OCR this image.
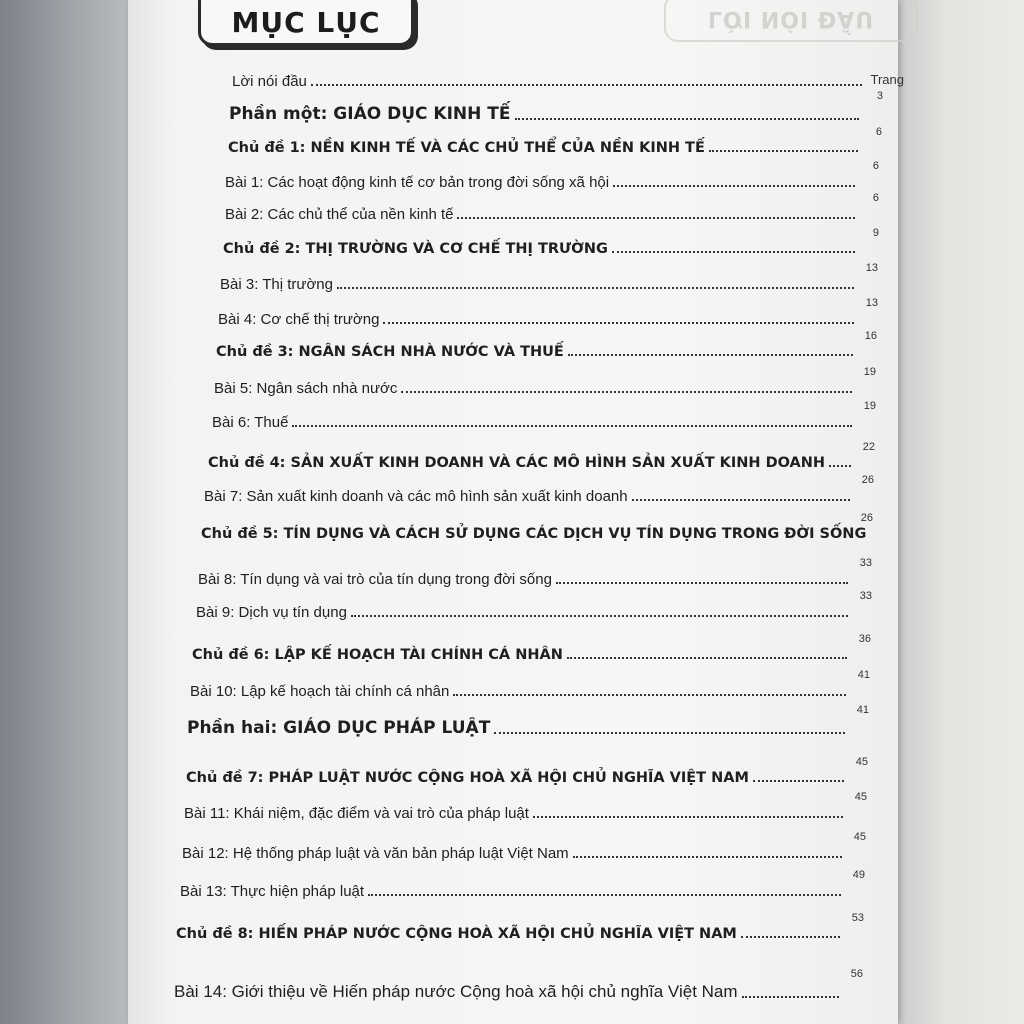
LỜI NÓI ĐẦU
MỤC LỤC
Trang
Lời nói đầu
Phần một: GIÁO DỤC KINH TẾ
3
Chủ đề 1: NỀN KINH TẾ VÀ CÁC CHỦ THỂ CỦA NỀN KINH TẾ
6
Bài 1: Các hoạt động kinh tế cơ bản trong đời sống xã hội
6
Bài 2: Các chủ thể của nền kinh tế
6
Chủ đề 2: THỊ TRƯỜNG VÀ CƠ CHẾ THỊ TRƯỜNG
9
Bài 3: Thị trường
13
Bài 4: Cơ chế thị trường
13
Chủ đề 3: NGÂN SÁCH NHÀ NƯỚC VÀ THUẾ
16
Bài 5: Ngân sách nhà nước
19
Bài 6: Thuế
19
Chủ đề 4: SẢN XUẤT KINH DOANH VÀ CÁC MÔ HÌNH SẢN XUẤT KINH DOANH
22
Bài 7: Sản xuất kinh doanh và các mô hình sản xuất kinh doanh
26
Chủ đề 5: TÍN DỤNG VÀ CÁCH SỬ DỤNG CÁC DỊCH VỤ TÍN DỤNG TRONG ĐỜI SỐNG
26
Bài 8: Tín dụng và vai trò của tín dụng trong đời sống
33
Bài 9: Dịch vụ tín dụng
33
Chủ đề 6: LẬP KẾ HOẠCH TÀI CHÍNH CÁ NHÂN
36
Bài 10: Lập kế hoạch tài chính cá nhân
41
Phần hai: GIÁO DỤC PHÁP LUẬT
41
Chủ đề 7: PHÁP LUẬT NƯỚC CỘNG HOÀ XÃ HỘI CHỦ NGHĨA VIỆT NAM
45
Bài 11: Khái niệm, đặc điểm và vai trò của pháp luật
45
Bài 12: Hệ thống pháp luật và văn bản pháp luật Việt Nam
45
Bài 13: Thực hiện pháp luật
49
Chủ đề 8: HIẾN PHÁP NƯỚC CỘNG HOÀ XÃ HỘI CHỦ NGHĨA VIỆT NAM
53
Bài 14: Giới thiệu về Hiến pháp nước Cộng hoà xã hội chủ nghĩa Việt Nam
56
